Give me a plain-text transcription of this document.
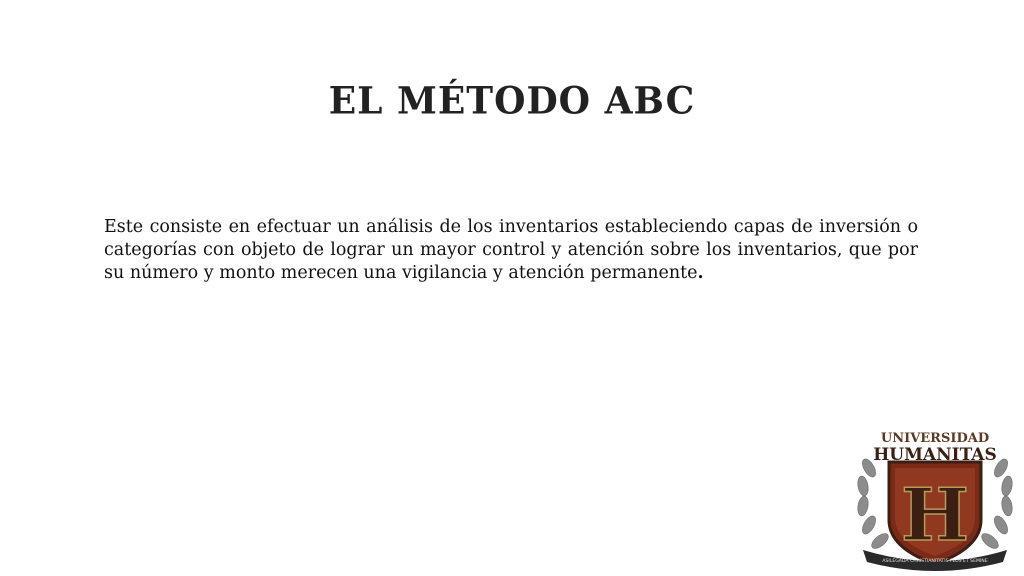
EL MÉTODO ABC

Este consiste en efectuar un análisis de los inventarios estableciendo capas de inversión o categorías con objeto de lograr un mayor control y atención sobre los inventarios, que por su número y monto merecen una vigilancia y atención permanente.

H
UNIVERSIDAD
HUMANITAS
ASILEGADA CHRISTIANITATIS FLOS ET SEMINE
